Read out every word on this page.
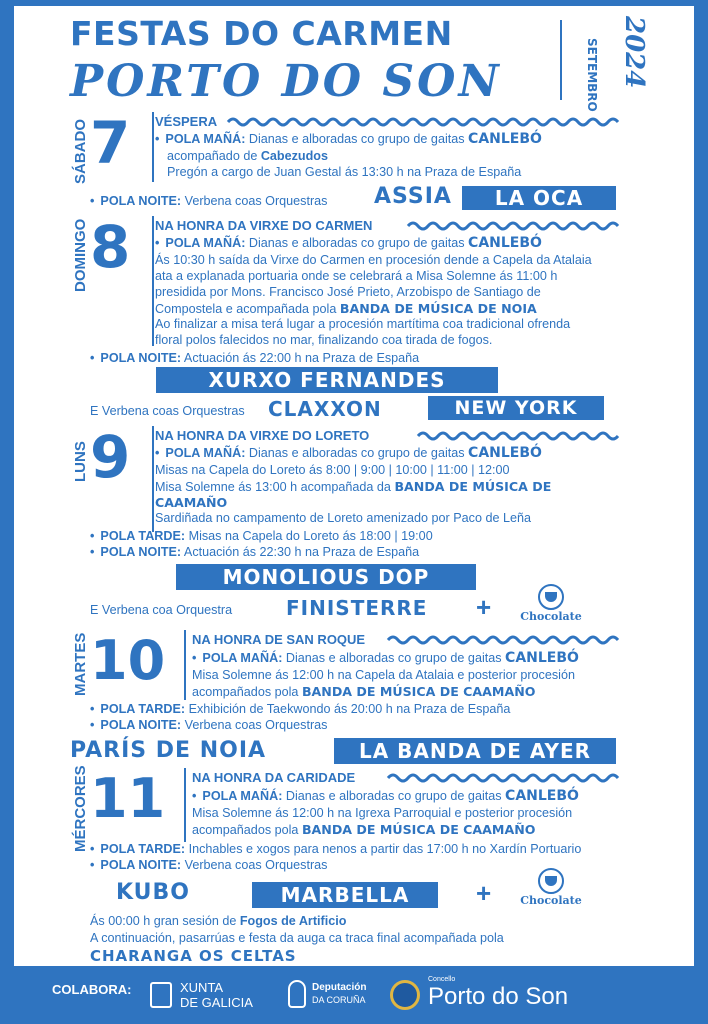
FESTAS DO CARMEN
PORTO DO SON	SETEMBRO 2024
SÁBADO 7 VÉSPERA
• POLA MAÑÁ: Dianas e alboradas co grupo de gaitas CANLEBÓ
acompañado de Cabezudos
Pregón a cargo de Juan Gestal ás 13:30 h na Praza de España
• POLA NOITE: Verbena coas Orquestras ASSIA	LA OCA
DOMINGO 8 NA HONRA DA VIRXE DO CARMEN
• POLA MAÑÁ: Dianas e alboradas co grupo de gaitas CANLEBÓ
Ás 10:30 h saída da Virxe do Carmen en procesión dende a Capela da Atalaia
ata a explanada portuaria onde se celebrará a Misa Solemne ás 11:00 h
presidida por Mons. Francisco José Prieto, Arzobispo de Santiago de
Compostela e acompañada pola BANDA DE MÚSICA DE NOIA
Ao finalizar a misa terá lugar a procesión martítima coa tradicional ofrenda
floral polos falecidos no mar, finalizando coa tirada de fogos.
• POLA NOITE: Actuación ás 22:00 h na Praza de España
XURXO FERNANDES
E Verbena coas Orquestras CLAXXON	NEW YORK
LUNS 9 NA HONRA DA VIRXE DO LORETO
• POLA MAÑÁ: Dianas e alboradas co grupo de gaitas CANLEBÓ
Misas na Capela do Loreto ás 8:00 | 9:00 | 10:00 | 11:00 | 12:00
Misa Solemne ás 13:00 h acompañada da BANDA DE MÚSICA DE
CAAMAÑO
Sardiñada no campamento de Loreto amenizado por Paco de Leña
• POLA TARDE: Misas na Capela do Loreto ás 18:00 | 19:00
• POLA NOITE: Actuación ás 22:30 h na Praza de España
MONOLIOUS DOP
E Verbena coa Orquestra	FINISTERRE +	Chocolate
MARTES 10 NA HONRA DE SAN ROQUE
• POLA MAÑÁ: Dianas e alboradas co grupo de gaitas CANLEBÓ
Misa Solemne ás 12:00 h na Capela da Atalaia e posterior procesión
acompañados pola BANDA DE MÚSICA DE CAAMAÑO
• POLA TARDE: Exhibición de Taekwondo ás 20:00 h na Praza de España
• POLA NOITE: Verbena coas Orquestras
PARÍS DE NOIA	LA BANDA DE AYER
MÉRCORES 11 NA HONRA DA CARIDADE
• POLA MAÑÁ: Dianas e alboradas co grupo de gaitas CANLEBÓ
Misa Solemne ás 12:00 h na Igrexa Parroquial e posterior procesión
acompañados pola BANDA DE MÚSICA DE CAAMAÑO
• POLA TARDE: Inchables e xogos para nenos a partir das 17:00 h no Xardín Portuario
• POLA NOITE: Verbena coas Orquestras
KUBO	MARBELLA	+	Chocolate
Ás 00:00 h gran sesión de Fogos de Artificio
A continuación, pasarrúas e festa da auga ca traca final acompañada pola
CHARANGA OS CELTAS
COLABORA:	XUNTA
DE GALICIA
Deputación
DA CORUÑA
Concello
Porto do Son
